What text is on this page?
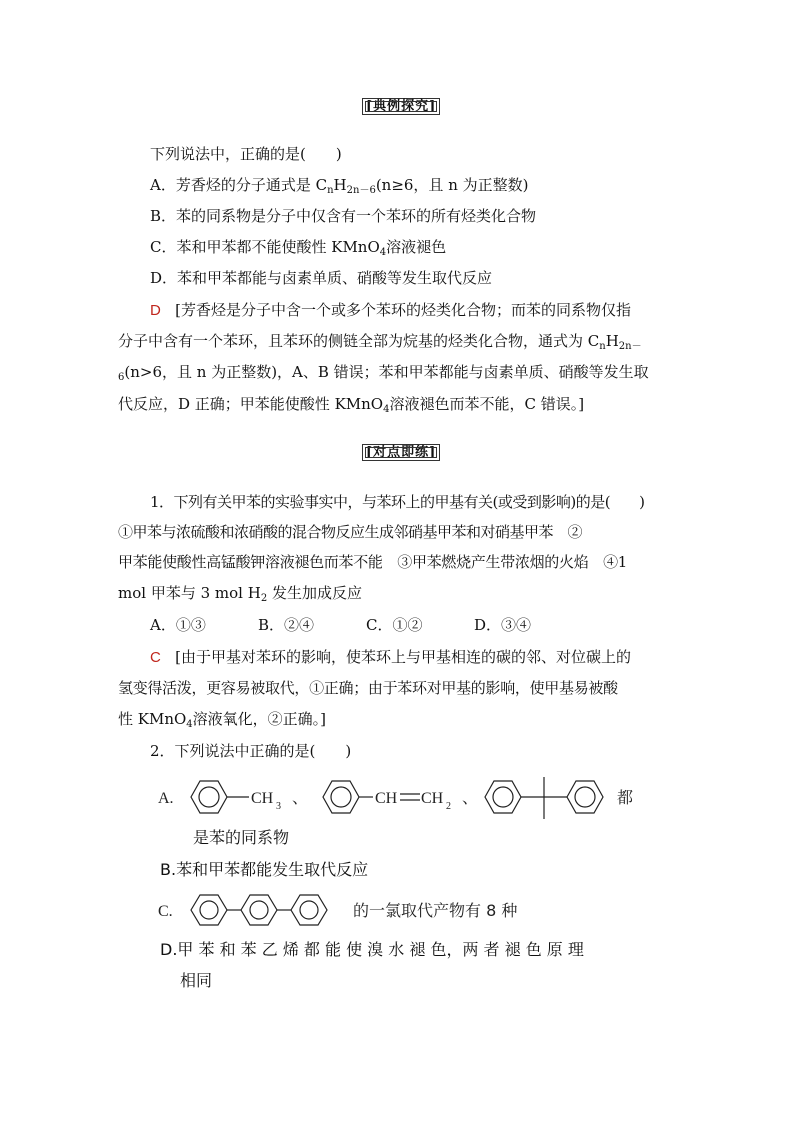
[典例探究]
下列说法中，正确的是(　　)
A．芳香烃的分子通式是 $C_nH_{2n-6}(n\ge 6$，且 n 为正整数)
B．苯的同系物是分子中仅含有一个苯环的所有烃类化合物
C．苯和甲苯都不能使酸性 KMnO$_4$溶液褪色
D．苯和甲苯都能与卤素单质、硝酸等发生取代反应
D [芳香烃是分子中含一个或多个苯环的烃类化合物；而苯的同系物仅指
分子中含有一个苯环，且苯环的侧链全部为烷基的烃类化合物，通式为 $C_nH_{2n-}$
$_6$(n>6，且 n 为正整数)，A、B 错误；苯和甲苯都能与卤素单质、硝酸等发生取
代反应，D 正确；甲苯能使酸性 KMnO$_4$溶液褪色而苯不能，C 错误。]
[对点即练]
1．下列有关甲苯的实验事实中，与苯环上的甲基有关(或受到影响)的是(　　)
①甲苯与浓硫酸和浓硝酸的混合物反应生成邻硝基甲苯和对硝基甲苯　②
甲苯能使酸性高锰酸钾溶液褪色而苯不能　③甲苯燃烧产生带浓烟的火焰　④1
mol 甲苯与 3 mol $H_2$ 发生加成反应
A．①③	B．②④	C．①②	D．③④
C [由于甲基对苯环的影响，使苯环上与甲基相连的碳的邻、对位碳上的
氢变得活泼，更容易被取代，①正确；由于苯环对甲基的影响，使甲基易被酸
性 KMnO$_4$溶液氧化，②正确。]
2．下列说法中正确的是(　　)
A.	CH 3 、	CH CH 2 、	都
是苯的同系物
B.苯和甲苯都能发生取代反应
C.	的一氯取代产物有 8 种
D.甲 苯 和 苯 乙 烯 都 能 使 溴 水 褪 色，两 者 褪 色 原 理
相同
